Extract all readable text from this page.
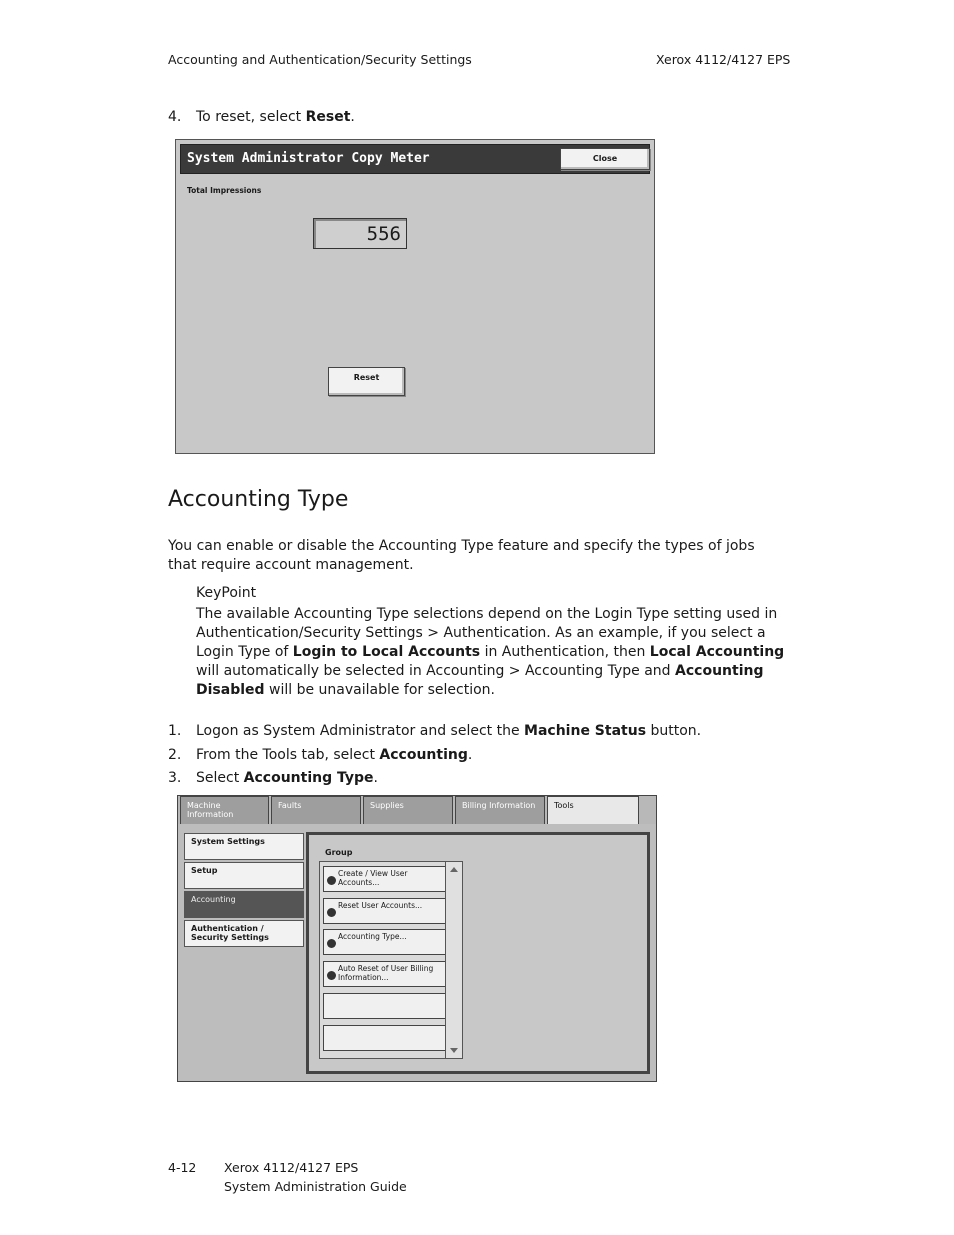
Accounting and Authentication/Security Settings	Xerox 4112/4127 EPS
4. To reset, select Reset.
System Administrator Copy Meter	Close
Total Impressions
556
Reset
Accounting Type
You can enable or disable the Accounting Type feature and specify the types of jobs that require account management.
KeyPoint
The available Accounting Type selections depend on the Login Type setting used in Authentication/Security Settings > Authentication. As an example, if you select a Login Type of Login to Local Accounts in Authentication, then Local Accounting will automatically be selected in Accounting > Accounting Type and Accounting Disabled will be unavailable for selection.
1. Logon as System Administrator and select the Machine Status button.
2. From the Tools tab, select Accounting.
3. Select Accounting Type.
Machine Information
Faults	Supplies	Billing Information	Tools
System Settings
Setup
Accounting
Authentication / Security Settings
Group
Create / View User Accounts...
Reset User Accounts...
Accounting Type...
Auto Reset of User Billing Information...
4-12 Xerox 4112/4127 EPS
System Administration Guide
